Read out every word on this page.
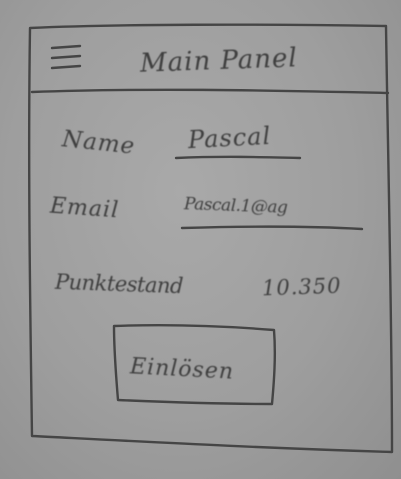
Main Panel
Name Pascal
Email	Pascal.1@ag
Punktestand	10.350
Einlösen
